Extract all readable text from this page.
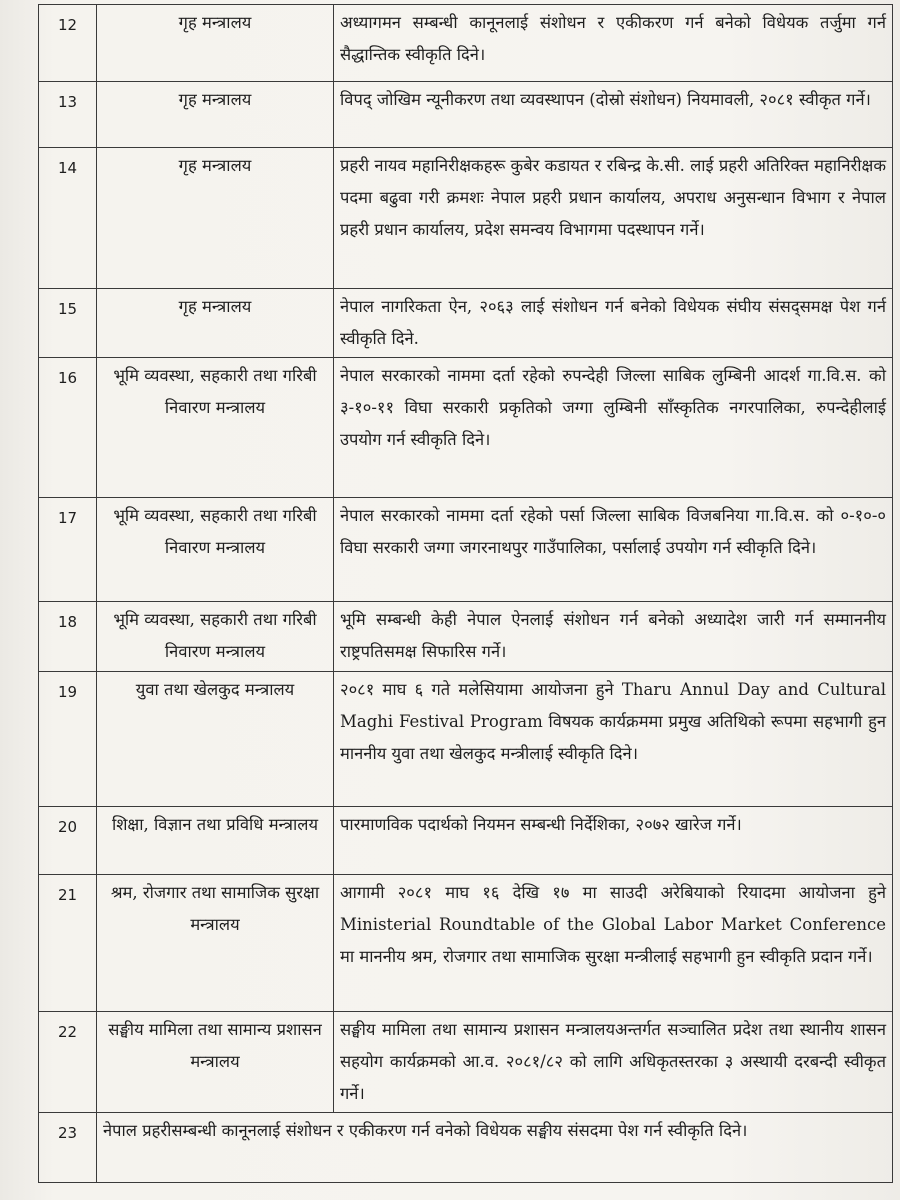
12	गृह मन्त्रालय	अध्यागमन सम्बन्धी कानूनलाई संशोधन र एकीकरण गर्न बनेको विधेयक तर्जुमा गर्न सैद्धान्तिक स्वीकृति दिने।
13	गृह मन्त्रालय	विपद् जोखिम न्यूनीकरण तथा व्यवस्थापन (दोस्रो संशोधन) नियमावली, २०८१ स्वीकृत गर्ने।
14	गृह मन्त्रालय	प्रहरी नायव महानिरीक्षकहरू कुबेर कडायत र रबिन्द्र के.सी. लाई प्रहरी अतिरिक्त महानिरीक्षक पदमा बढुवा गरी क्रमशः नेपाल प्रहरी प्रधान कार्यालय, अपराध अनुसन्धान विभाग र नेपाल प्रहरी प्रधान कार्यालय, प्रदेश समन्वय विभागमा पदस्थापन गर्ने।
15	गृह मन्त्रालय	नेपाल नागरिकता ऐन, २०६३ लाई संशोधन गर्न बनेको विधेयक संघीय संसद्समक्ष पेश गर्न स्वीकृति दिने.
16	भूमि व्यवस्था, सहकारी तथा गरिबी निवारण मन्त्रालय	नेपाल सरकारको नाममा दर्ता रहेको रुपन्देही जिल्ला साबिक लुम्बिनी आदर्श गा.वि.स. को ३-१०-११ विघा सरकारी प्रकृतिको जग्गा लुम्बिनी साँस्कृतिक नगरपालिका, रुपन्देहीलाई उपयोग गर्न स्वीकृति दिने।
17	भूमि व्यवस्था, सहकारी तथा गरिबी निवारण मन्त्रालय	नेपाल सरकारको नाममा दर्ता रहेको पर्सा जिल्ला साबिक विजबनिया गा.वि.स. को ०-१०-० विघा सरकारी जग्गा जगरनाथपुर गाउँपालिका, पर्सालाई उपयोग गर्न स्वीकृति दिने।
18	भूमि व्यवस्था, सहकारी तथा गरिबी निवारण मन्त्रालय	भूमि सम्बन्धी केही नेपाल ऐनलाई संशोधन गर्न बनेको अध्यादेश जारी गर्न सम्माननीय राष्ट्रपतिसमक्ष सिफारिस गर्ने।
19	युवा तथा खेलकुद मन्त्रालय	२०८१ माघ ६ गते मलेसियामा आयोजना हुने Tharu Annul Day and Cultural Maghi Festival Program विषयक कार्यक्रममा प्रमुख अतिथिको रूपमा सहभागी हुन माननीय युवा तथा खेलकुद मन्त्रीलाई स्वीकृति दिने।
20	शिक्षा, विज्ञान तथा प्रविधि मन्त्रालय	पारमाणविक पदार्थको नियमन सम्बन्धी निर्देशिका, २०७२ खारेज गर्ने।
21	श्रम, रोजगार तथा सामाजिक सुरक्षा मन्त्रालय	आगामी २०८१ माघ १६ देखि १७ मा साउदी अरेबियाको रियादमा आयोजना हुने Ministerial Roundtable of the Global Labor Market Conference मा माननीय श्रम, रोजगार तथा सामाजिक सुरक्षा मन्त्रीलाई सहभागी हुन स्वीकृति प्रदान गर्ने।
22	सङ्घीय मामिला तथा सामान्य प्रशासन मन्त्रालय	सङ्घीय मामिला तथा सामान्य प्रशासन मन्त्रालयअन्तर्गत सञ्चालित प्रदेश तथा स्थानीय शासन सहयोग कार्यक्रमको आ.व. २०८१/८२ को लागि अधिकृतस्तरका ३ अस्थायी दरबन्दी स्वीकृत गर्ने।
23	नेपाल प्रहरीसम्बन्धी कानूनलाई संशोधन र एकीकरण गर्न वनेको विधेयक सङ्घीय संसदमा पेश गर्न स्वीकृति दिने।	
